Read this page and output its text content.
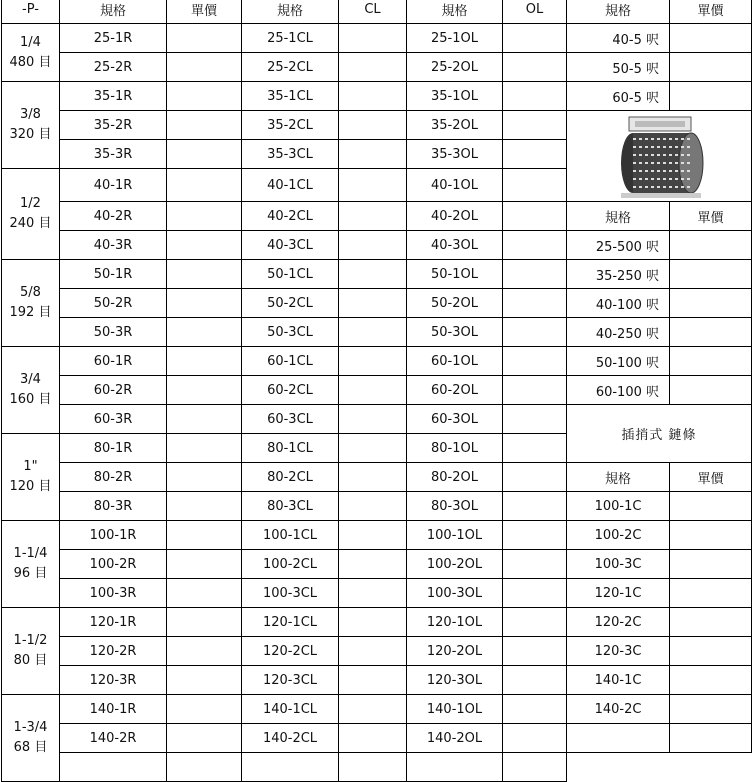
-P-	規格	單價	規格	CL	規格	OL	規格	單價

1/4
480 目	25-1R		25-1CL		25-1OL		40-5 呎	
	25-2R		25-2CL		25-2OL		50-5 呎	

3/8
320 目	35-1R		35-1CL		35-1OL		60-5 呎	
	35-2R		35-2CL		35-2OL		

	35-3R		35-3CL		35-3OL			

1/2
240 目	40-1R		40-1CL		40-1OL			
	40-2R		40-2CL		40-2OL		規格	單價
	40-3R		40-3CL		40-3OL		25-500 呎	

5/8
192 目	50-1R		50-1CL		50-1OL		35-250 呎	
	50-2R		50-2CL		50-2OL		40-100 呎	
	50-3R		50-3CL		50-3OL		40-250 呎	

3/4
160 目	60-1R		60-1CL		60-1OL		50-100 呎	
	60-2R		60-2CL		60-2OL		60-100 呎	
	60-3R		60-3CL		60-3OL		插捎式 鏈條	

1"
120 目	80-1R		80-1CL		80-1OL			
	80-2R		80-2CL		80-2OL		規格	單價
	80-3R		80-3CL		80-3OL		100-1C	

1-1/4
96 目	100-1R		100-1CL		100-1OL		100-2C	
	100-2R		100-2CL		100-2OL		100-3C	
	100-3R		100-3CL		100-3OL		120-1C	

1-1/2
80 目	120-1R		120-1CL		120-1OL		120-2C	
	120-2R		120-2CL		120-2OL		120-3C	
	120-3R		120-3CL		120-3OL		140-1C	

1-3/4
68 目	140-1R		140-1CL		140-1OL		140-2C	
	140-2R		140-2CL		140-2OL			
